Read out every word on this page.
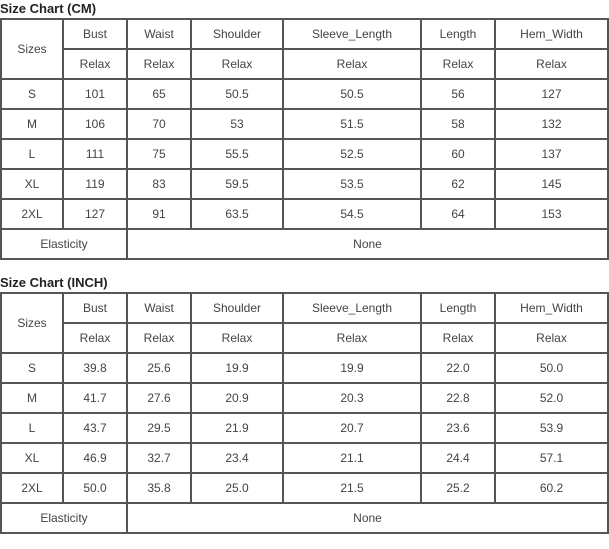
Size Chart (CM)
Sizes	Bust	Waist	Shoulder	Sleeve_Length	Length	Hem_Width
	Relax	Relax	Relax	Relax	Relax	Relax
S	101	65	50.5	50.5	56	127
M	106	70	53	51.5	58	132
L	111	75	55.5	52.5	60	137
XL	119	83	59.5	53.5	62	145
2XL	127	91	63.5	54.5	64	153
Elasticity		None				
Size Chart (INCH)
Sizes	Bust	Waist	Shoulder	Sleeve_Length	Length	Hem_Width
	Relax	Relax	Relax	Relax	Relax	Relax
S	39.8	25.6	19.9	19.9	22.0	50.0
M	41.7	27.6	20.9	20.3	22.8	52.0
L	43.7	29.5	21.9	20.7	23.6	53.9
XL	46.9	32.7	23.4	21.1	24.4	57.1
2XL	50.0	35.8	25.0	21.5	25.2	60.2
Elasticity		None				
